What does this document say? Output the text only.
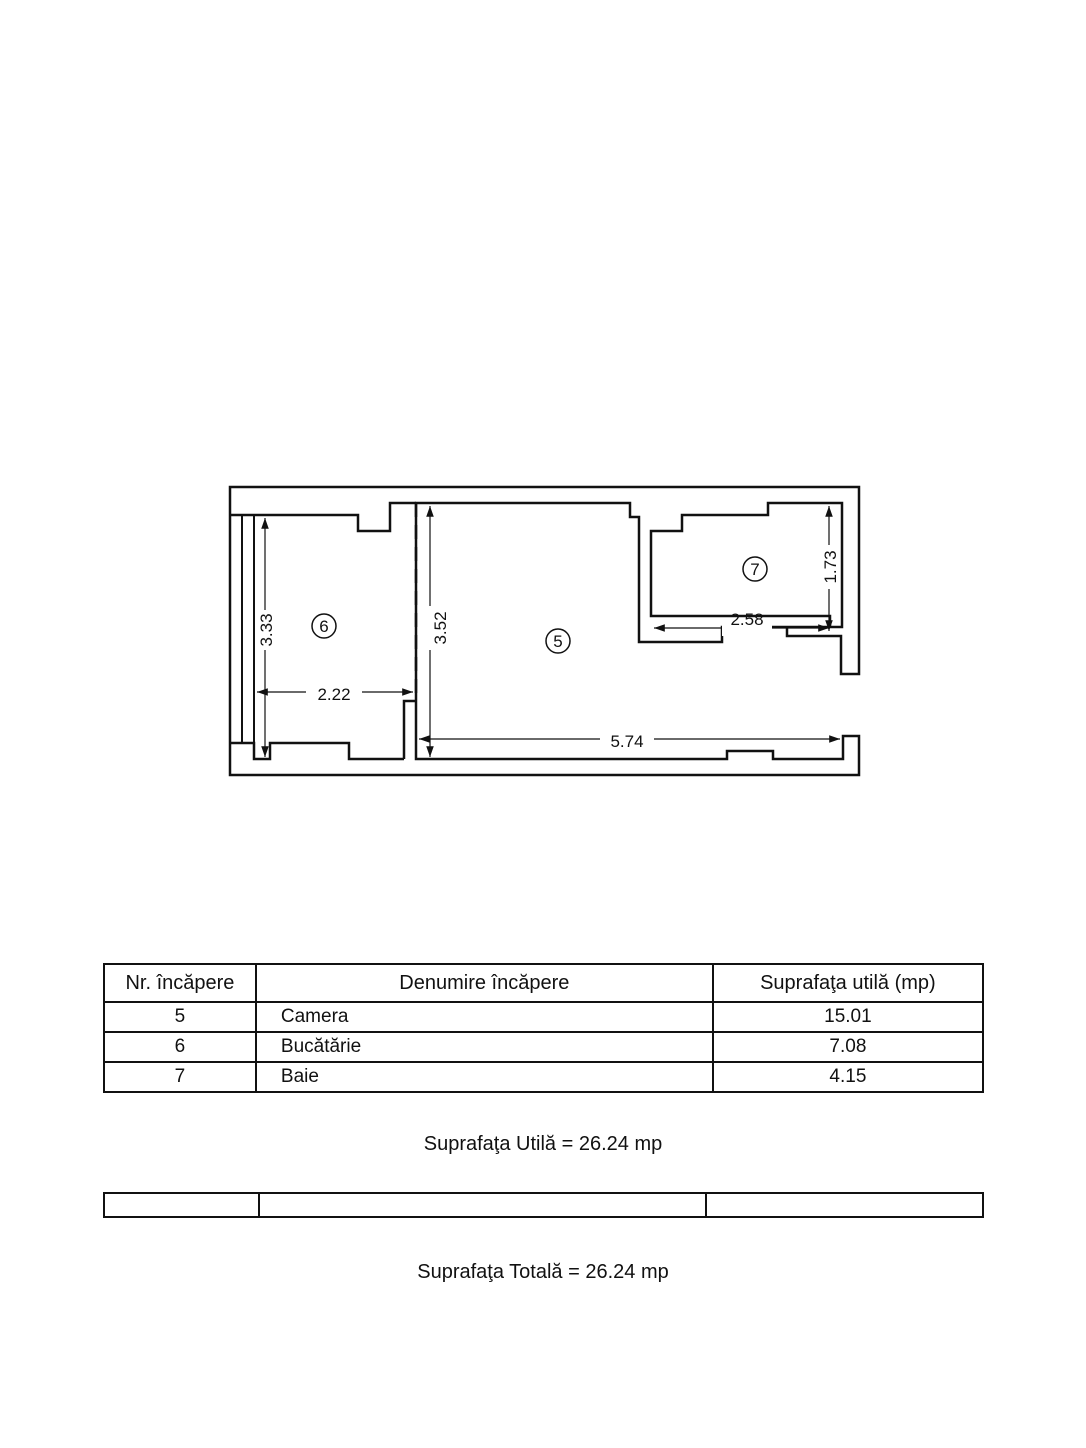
2.22
5.74
2.58
3.33	3.52
1.73
6
5
7
Nr. încăpere	Denumire încăpere	Suprafaţa utilă (mp)
5	Camera	15.01
6	Bucătărie	7.08
7	Baie	4.15
Suprafaţa Utilă = 26.24 mp

Suprafaţa Totală = 26.24 mp
